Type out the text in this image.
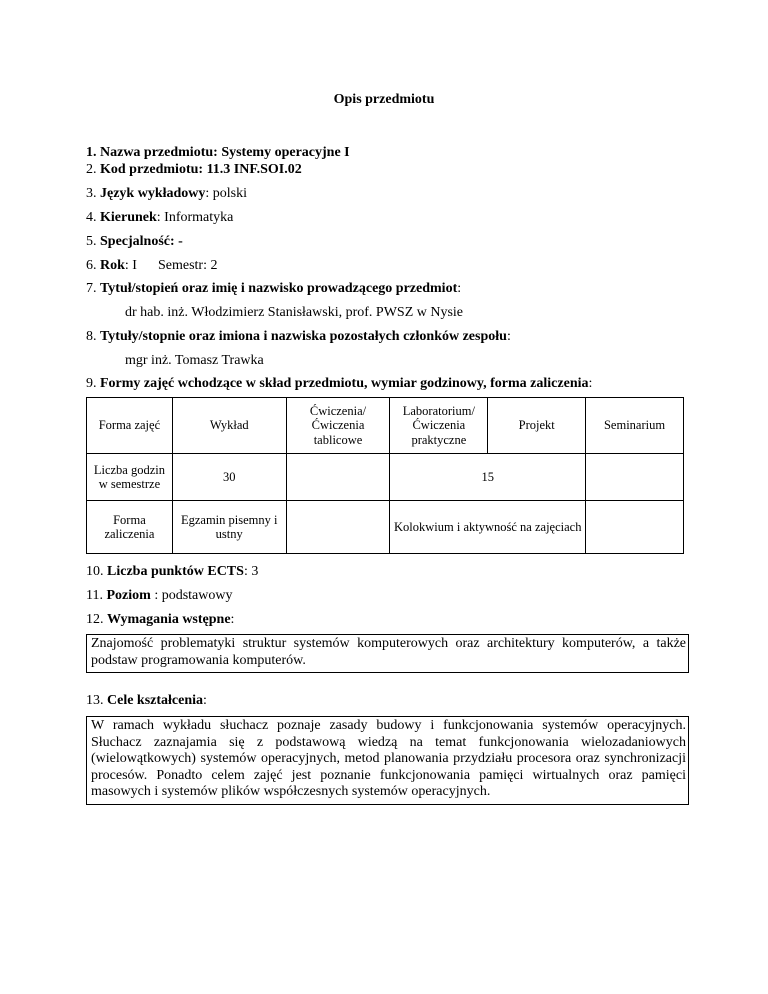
Opis przedmiotu
1. Nazwa przedmiotu: Systemy operacyjne I
2. Kod przedmiotu: 11.3 INF.SOI.02
3. Język wykładowy: polski
4. Kierunek: Informatyka
5. Specjalność: -
6. Rok: I Semestr: 2
7. Tytuł/stopień oraz imię i nazwisko prowadzącego przedmiot:
dr hab. inż. Włodzimierz Stanisławski, prof. PWSZ w Nysie
8. Tytuły/stopnie oraz imiona i nazwiska pozostałych członków zespołu:
mgr inż. Tomasz Trawka
9. Formy zajęć wchodzące w skład przedmiotu, wymiar godzinowy, forma zaliczenia:
Forma zajęć	Wykład	Ćwiczenia/ Ćwiczenia tablicowe	Laboratorium/ Ćwiczenia praktyczne	Projekt	Seminarium
Liczba godzin w semestrze	30		15		
Forma zaliczenia	Egzamin pisemny i ustny		Kolokwium i aktywność na zajęciach		
10. Liczba punktów ECTS: 3
11. Poziom : podstawowy
12. Wymagania wstępne:
Znajomość problematyki struktur systemów komputerowych oraz architektury komputerów, a także podstaw programowania komputerów.
13. Cele kształcenia:
W ramach wykładu słuchacz poznaje zasady budowy i funkcjonowania systemów operacyjnych. Słuchacz zaznajamia się z podstawową wiedzą na temat funkcjonowania wielozadaniowych (wielowątkowych) systemów operacyjnych, metod planowania przydziału procesora oraz synchronizacji procesów. Ponadto celem zajęć jest poznanie funkcjonowania pamięci wirtualnych oraz pamięci masowych i systemów plików współczesnych systemów operacyjnych.
